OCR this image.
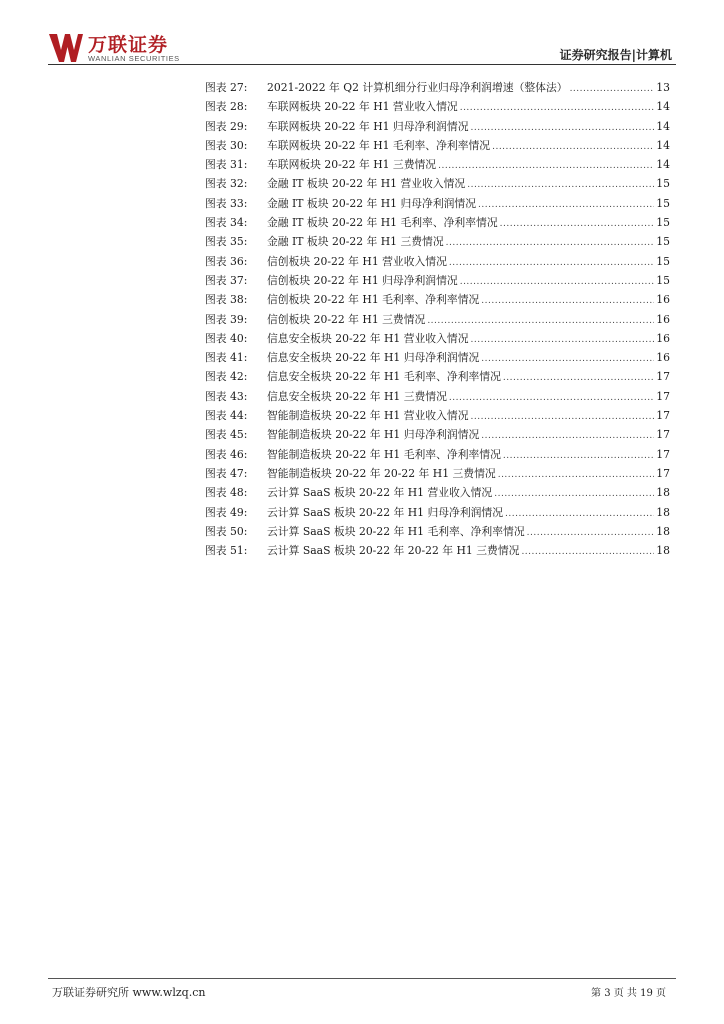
万联证券
WANLIAN SECURITIES	证券研究报告|计算机
图表 27:	2021-2022 年 Q2 计算机细分行业归母净利润增速（整体法） .....	13
图表 28:	车联网板块 20-22 年 H1 营业收入情况 .....	14
图表 29:	车联网板块 20-22 年 H1 归母净利润情况 .....	14
图表 30:	车联网板块 20-22 年 H1 毛利率、净利率情况 .....	14
图表 31:	车联网板块 20-22 年 H1 三费情况 .....	14
图表 32:	金融 IT 板块 20-22 年 H1 营业收入情况 .....	15
图表 33:	金融 IT 板块 20-22 年 H1 归母净利润情况 .....	15
图表 34:	金融 IT 板块 20-22 年 H1 毛利率、净利率情况 .....	15
图表 35:	金融 IT 板块 20-22 年 H1 三费情况 .....	15
图表 36:	信创板块 20-22 年 H1 营业收入情况 .....	15
图表 37:	信创板块 20-22 年 H1 归母净利润情况 .....	15
图表 38:	信创板块 20-22 年 H1 毛利率、净利率情况 .....	16
图表 39:	信创板块 20-22 年 H1 三费情况 .....	16
图表 40:	信息安全板块 20-22 年 H1 营业收入情况 .....	16
图表 41:	信息安全板块 20-22 年 H1 归母净利润情况 .....	16
图表 42:	信息安全板块 20-22 年 H1 毛利率、净利率情况 .....	17
图表 43:	信息安全板块 20-22 年 H1 三费情况 .....	17
图表 44:	智能制造板块 20-22 年 H1 营业收入情况 .....	17
图表 45:	智能制造板块 20-22 年 H1 归母净利润情况 .....	17
图表 46:	智能制造板块 20-22 年 H1 毛利率、净利率情况 .....	17
图表 47:	智能制造板块 20-22 年 20-22 年 H1 三费情况 .....	17
图表 48:	云计算 SaaS 板块 20-22 年 H1 营业收入情况 .....	18
图表 49:	云计算 SaaS 板块 20-22 年 H1 归母净利润情况 .....	18
图表 50:	云计算 SaaS 板块 20-22 年 H1 毛利率、净利率情况 .....	18
图表 51:	云计算 SaaS 板块 20-22 年 20-22 年 H1 三费情况 .....	18
万联证券研究所 www.wlzq.cn	第 3 页 共 19 页
